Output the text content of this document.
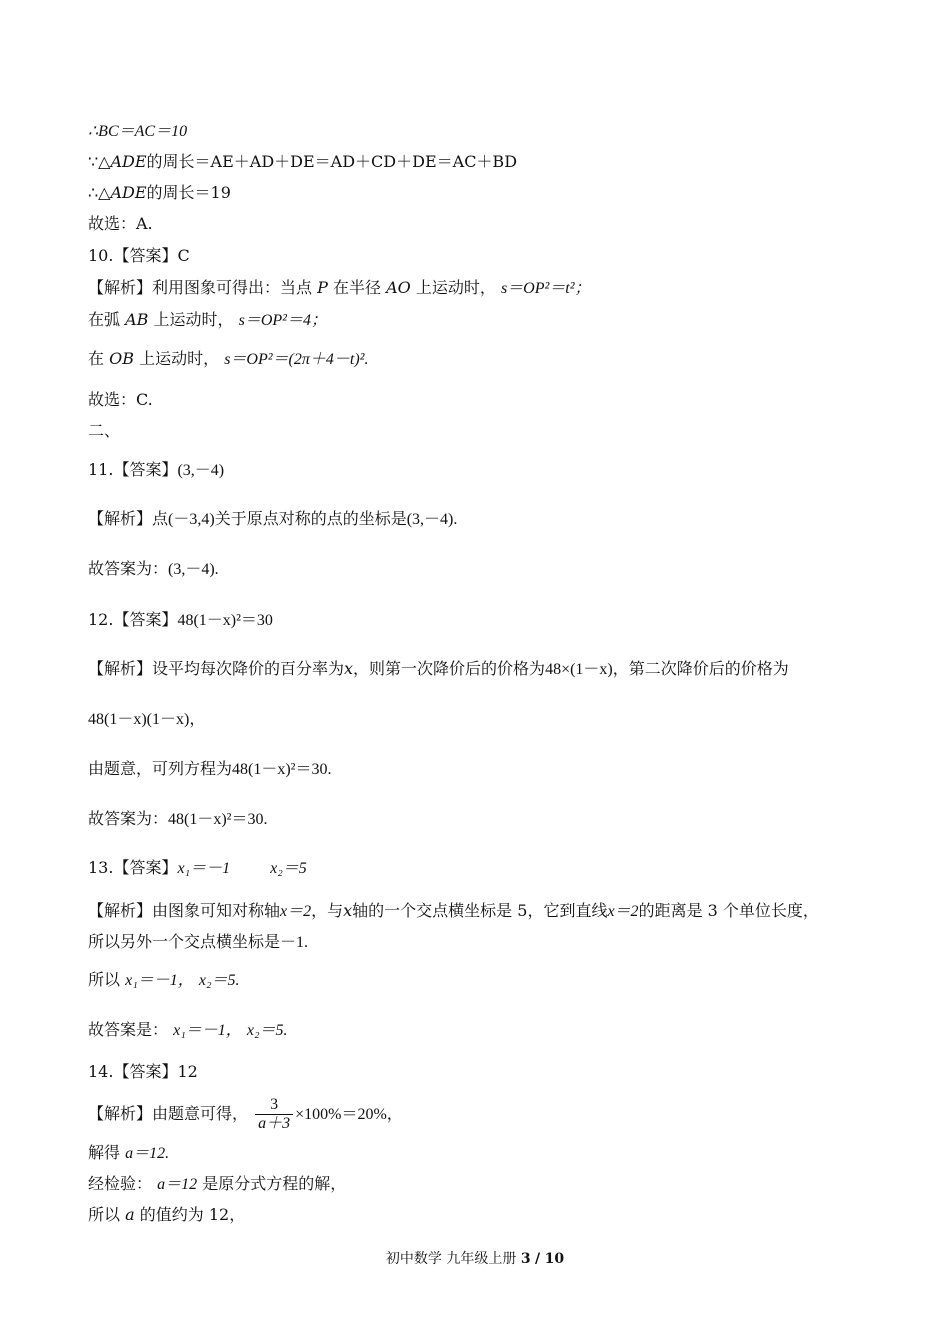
∴BC＝AC＝10
∵△ADE的周长＝AE＋AD＋DE＝AD＋CD＋DE＝AC＋BD
∴△ADE的周长＝19
故选：A.
10.【答案】C
【解析】利用图象可得出：当点 P 在半径 AO 上运动时， s＝OP²＝t²；
在弧 AB 上运动时， s＝OP²＝4；
在 OB 上运动时， s＝OP²＝(2π＋4－t)².
故选：C.
二、
11.【答案】(3,－4)
【解析】点(－3,4)关于原点对称的点的坐标是(3,－4).
故答案为：(3,－4).
12.【答案】48(1－x)²＝30
【解析】设平均每次降价的百分率为x，则第一次降价后的价格为48×(1－x)，第二次降价后的价格为
48(1－x)(1－x)，
由题意，可列方程为48(1－x)²＝30.
故答案为：48(1－x)²＝30.
13.【答案】x₁＝－1	x₂＝5
【解析】由图象可知对称轴x＝2，与x轴的一个交点横坐标是 5，它到直线x＝2的距离是 3 个单位长度，
所以另外一个交点横坐标是－1.
所以 x₁＝－1， x₂＝5.
故答案是： x₁＝－1， x₂＝5.
14.【答案】12
【解析】由题意可得， $\frac{3}{a+3} \times 100\%=20\%$，
解得 a＝12.
经检验： a＝12 是原分式方程的解，
所以 a 的值约为 12，
初中数学 九年级上册 3 / 10
